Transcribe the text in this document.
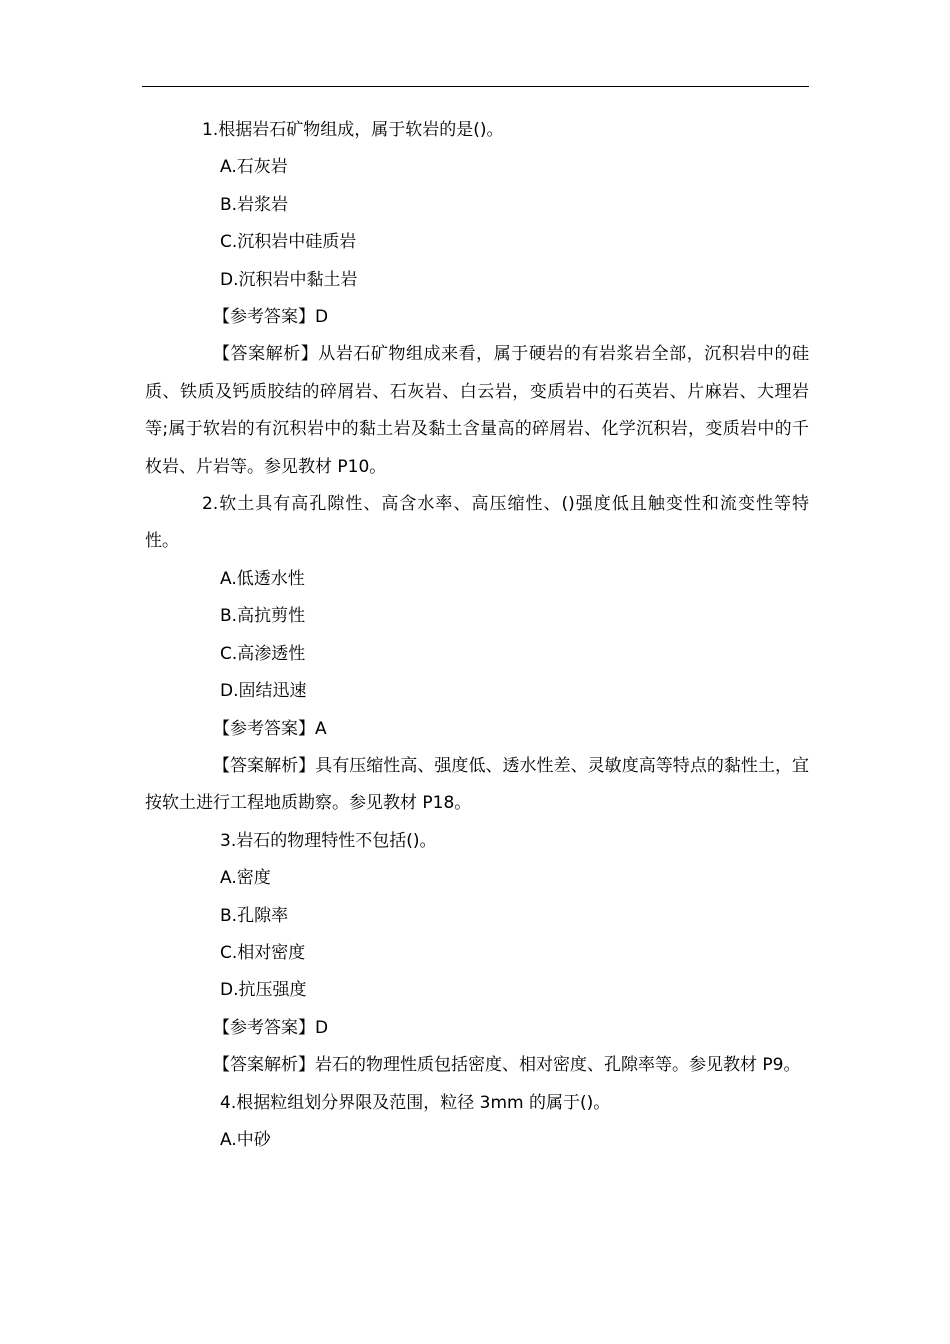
1.根据岩石矿物组成，属于软岩的是()。

A.石灰岩

B.岩浆岩

C.沉积岩中硅质岩

D.沉积岩中黏土岩

【参考答案】D

【答案解析】从岩石矿物组成来看，属于硬岩的有岩浆岩全部，沉积岩中的硅质、铁质及钙质胶结的碎屑岩、石灰岩、白云岩，变质岩中的石英岩、片麻岩、大理岩等;属于软岩的有沉积岩中的黏土岩及黏土含量高的碎屑岩、化学沉积岩，变质岩中的千枚岩、片岩等。参见教材 P10。

2.软土具有高孔隙性、高含水率、高压缩性、()强度低且触变性和流变性等特性。

A.低透水性

B.高抗剪性

C.高渗透性

D.固结迅速

【参考答案】A

【答案解析】具有压缩性高、强度低、透水性差、灵敏度高等特点的黏性土，宜按软土进行工程地质勘察。参见教材 P18。

3.岩石的物理特性不包括()。

A.密度

B.孔隙率

C.相对密度

D.抗压强度

【参考答案】D

【答案解析】岩石的物理性质包括密度、相对密度、孔隙率等。参见教材 P9。

4.根据粒组划分界限及范围，粒径 3mm 的属于()。

A.中砂
